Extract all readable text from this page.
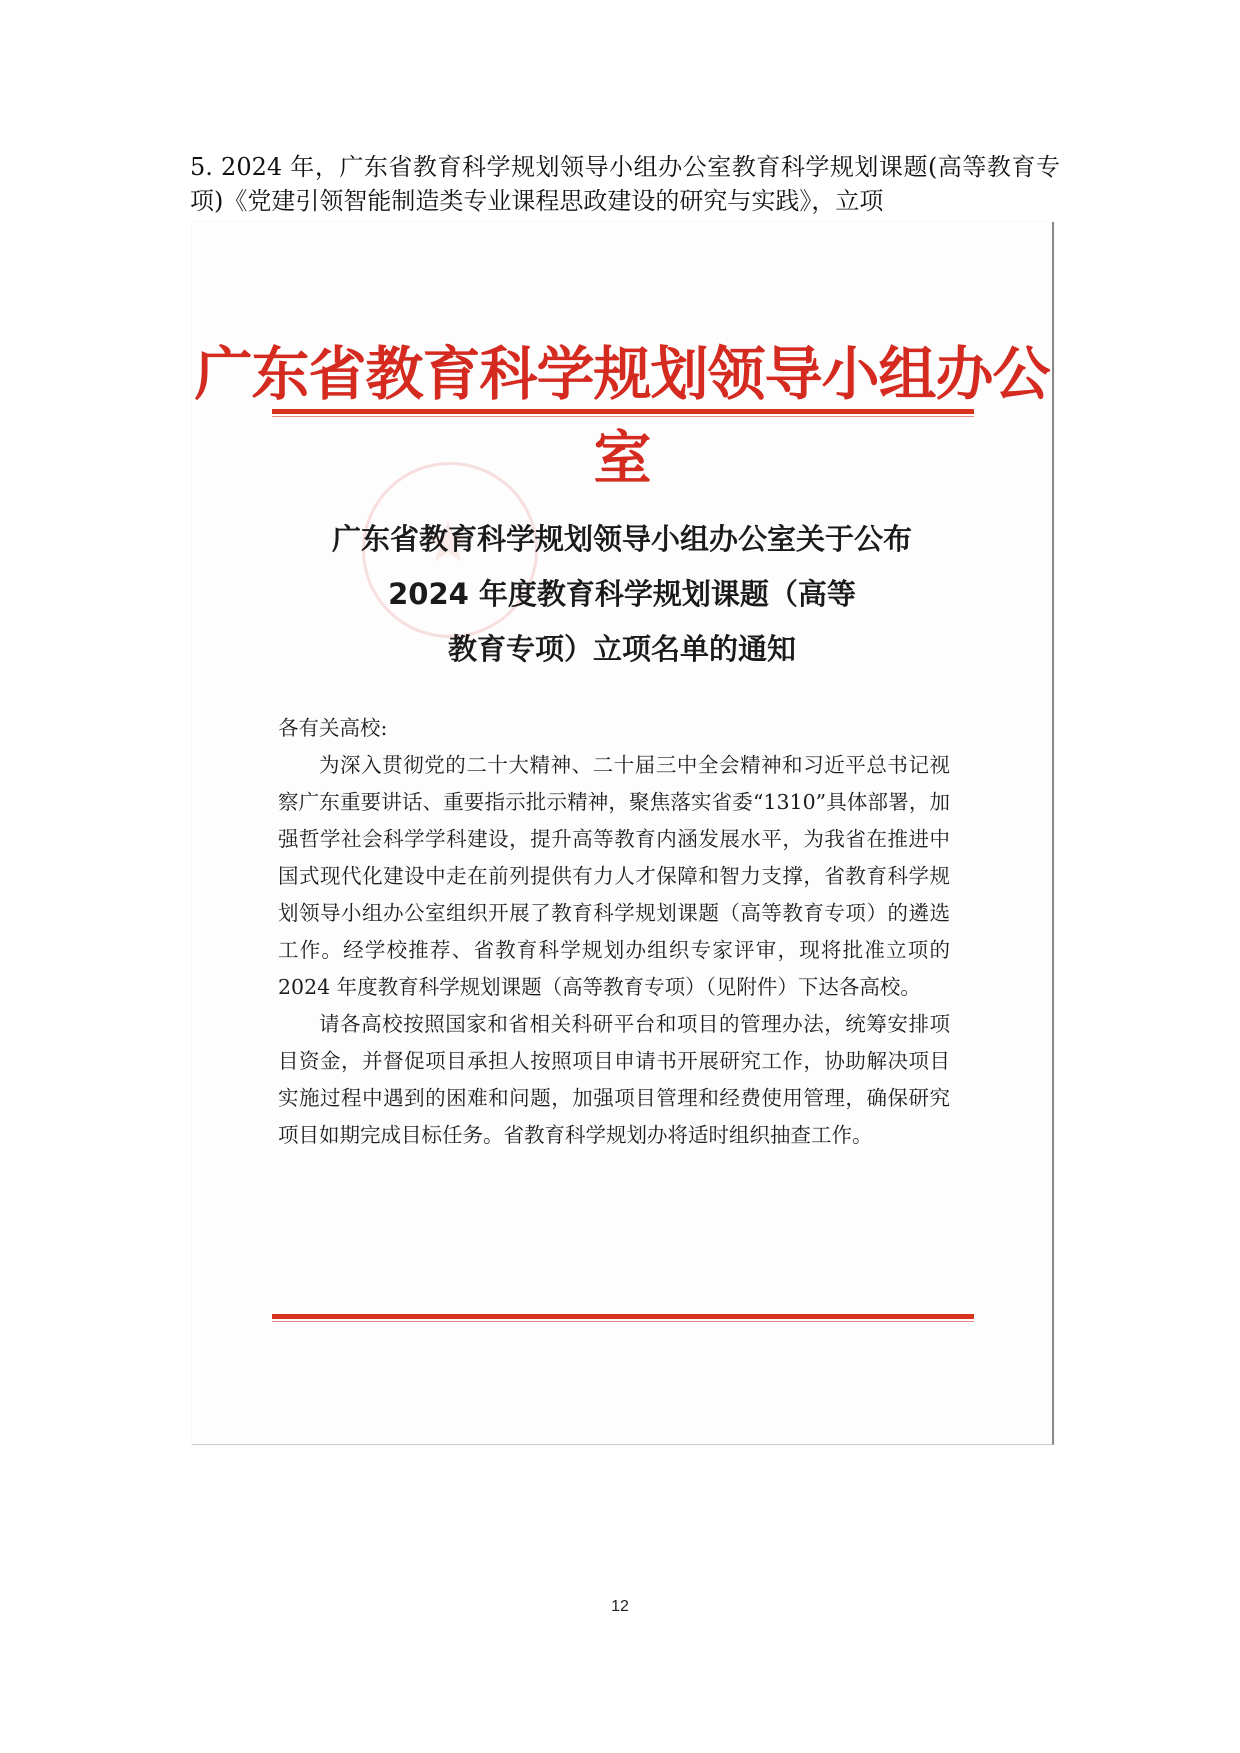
5. 2024 年，广东省教育科学规划领导小组办公室教育科学规划课题(高等教育专项)《党建引领智能制造类专业课程思政建设的研究与实践》，立项
广东省教育科学规划领导小组办公室
广东省教育科学规划领导小组办公室关于公布
2024 年度教育科学规划课题（高等
教育专项）立项名单的通知

各有关高校:

为深入贯彻党的二十大精神、二十届三中全会精神和习近平总书记视察广东重要讲话、重要指示批示精神，聚焦落实省委“1310”具体部署，加强哲学社会科学学科建设，提升高等教育内涵发展水平，为我省在推进中国式现代化建设中走在前列提供有力人才保障和智力支撑，省教育科学规划领导小组办公室组织开展了教育科学规划课题（高等教育专项）的遴选工作。经学校推荐、省教育科学规划办组织专家评审，现将批准立项的 2024 年度教育科学规划课题（高等教育专项）（见附件）下达各高校。

请各高校按照国家和省相关科研平台和项目的管理办法，统筹安排项目资金，并督促项目承担人按照项目申请书开展研究工作，协助解决项目实施过程中遇到的困难和问题，加强项目管理和经费使用管理，确保研究项目如期完成目标任务。省教育科学规划办将适时组织抽查工作。

12
